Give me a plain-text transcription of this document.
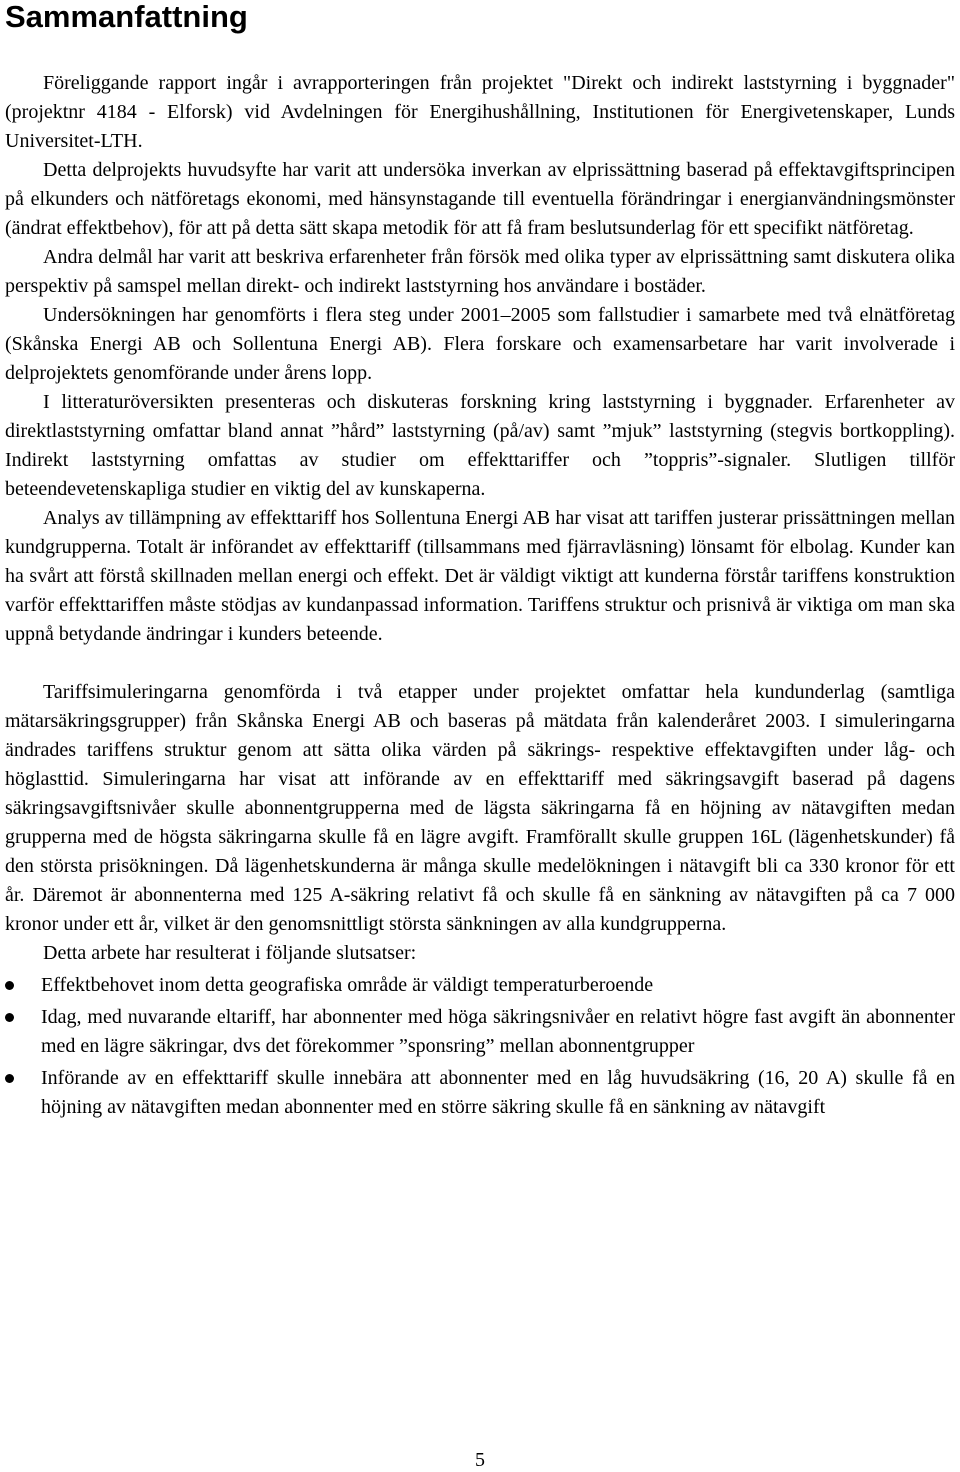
Sammanfattning

Föreliggande rapport ingår i avrapporteringen från projektet "Direkt och indirekt laststyrning i byggnader" (projektnr 4184 - Elforsk) vid Avdelningen för Energihushållning, Institutionen för Energivetenskaper, Lunds Universitet-LTH.

Detta delprojekts huvudsyfte har varit att undersöka inverkan av elprissättning baserad på effektavgiftsprincipen på elkunders och nätföretags ekonomi, med hänsynstagande till eventuella förändringar i energianvändningsmönster (ändrat effektbehov), för att på detta sätt skapa metodik för att få fram beslutsunderlag för ett specifikt nätföretag.

Andra delmål har varit att beskriva erfarenheter från försök med olika typer av elprissättning samt diskutera olika perspektiv på samspel mellan direkt- och indirekt laststyrning hos användare i bostäder.

Undersökningen har genomförts i flera steg under 2001–2005 som fallstudier i samarbete med två elnätföretag (Skånska Energi AB och Sollentuna Energi AB). Flera forskare och examensarbetare har varit involverade i delprojektets genomförande under årens lopp.

I litteraturöversikten presenteras och diskuteras forskning kring laststyrning i byggnader. Erfarenheter av direktlaststyrning omfattar bland annat ”hård” laststyrning (på/av) samt ”mjuk” laststyrning (stegvis bortkoppling). Indirekt laststyrning omfattas av studier om effekttariffer och ”toppris”-signaler. Slutligen tillför beteendevetenskapliga studier en viktig del av kunskaperna.

Analys av tillämpning av effekttariff hos Sollentuna Energi AB har visat att tariffen justerar prissättningen mellan kundgrupperna. Totalt är införandet av effekttariff (tillsammans med fjärravläsning) lönsamt för elbolag. Kunder kan ha svårt att förstå skillnaden mellan energi och effekt. Det är väldigt viktigt att kunderna förstår tariffens konstruktion varför effekttariffen måste stödjas av kundanpassad information. Tariffens struktur och prisnivå är viktiga om man ska uppnå betydande ändringar i kunders beteende.

Tariffsimuleringarna genomförda i två etapper under projektet omfattar hela kundunderlag (samtliga mätarsäkringsgrupper) från Skånska Energi AB och baseras på mätdata från kalenderåret 2003. I simuleringarna ändrades tariffens struktur genom att sätta olika värden på säkrings- respektive effektavgiften under låg- och höglasttid. Simuleringarna har visat att införande av en effekttariff med säkringsavgift baserad på dagens säkringsavgiftsnivåer skulle abonnentgrupperna med de lägsta säkringarna få en höjning av nätavgiften medan grupperna med de högsta säkringarna skulle få en lägre avgift. Framförallt skulle gruppen 16L (lägenhetskunder) få den största prisökningen. Då lägenhetskunderna är många skulle medelökningen i nätavgift bli ca 330 kronor för ett år. Däremot är abonnenterna med 125 A-säkring relativt få och skulle få en sänkning av nätavgiften på ca 7 000 kronor under ett år, vilket är den genomsnittligt största sänkningen av alla kundgrupperna.

Detta arbete har resulterat i följande slutsatser:

Effektbehovet inom detta geografiska område är väldigt temperaturberoende
Idag, med nuvarande eltariff, har abonnenter med höga säkringsnivåer en relativt högre fast avgift än abonnenter med en lägre säkringar, dvs det förekommer ”sponsring” mellan abonnentgrupper
Införande av en effekttariff skulle innebära att abonnenter med en låg huvudsäkring (16, 20 A) skulle få en höjning av nätavgiften medan abonnenter med en större säkring skulle få en sänkning av nätavgift
5
